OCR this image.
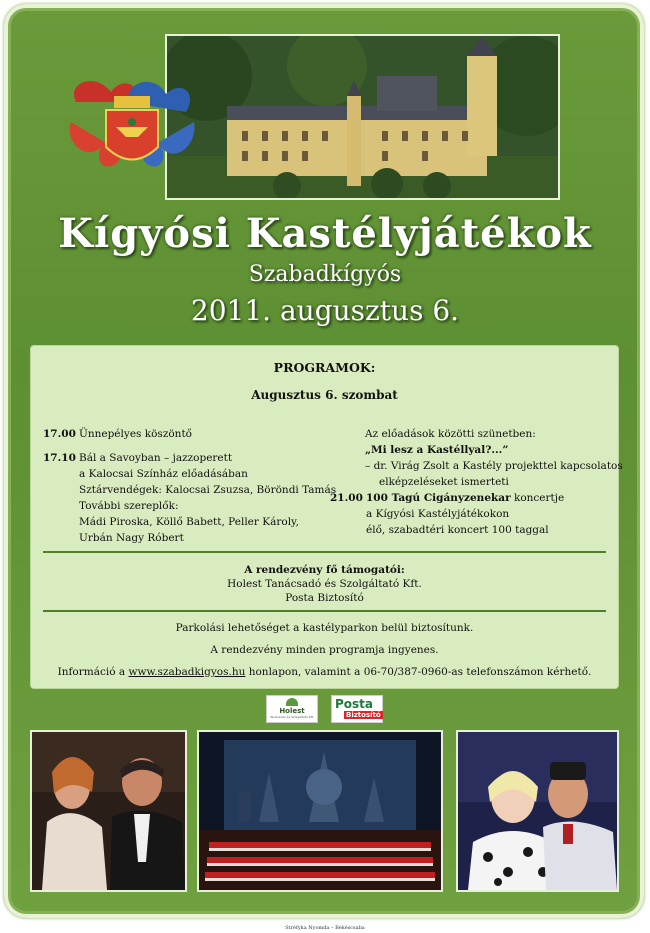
Kígyósi Kastélyjátékok
Szabadkígyós
2011. augusztus 6.
PROGRAMOK:
Augusztus 6. szombat
17.00 Ünnepélyes köszöntő
17.10 Bál a Savoyban – jazzoperett
a Kalocsai Színház előadásában
Sztárvendégek: Kalocsai Zsuzsa, Böröndi Tamás
További szereplők:
Mádi Piroska, Köllő Babett, Peller Károly,
Urbán Nagy Róbert
Az előadások közötti szünetben:
„Mi lesz a Kastéllyal?...”
– dr. Virág Zsolt a Kastély projekttel kapcsolatos
elképzeléseket ismerteti
21.00 100 Tagú Cigányzenekar koncertje
a Kígyósi Kastélyjátékokon
élő, szabadtéri koncert 100 taggal
A rendezvény fő támogatói:
Holest Tanácsadó és Szolgáltató Kft.
Posta Biztosító
Parkolási lehetőséget a kastélyparkon belül biztosítunk.
A rendezvény minden programja ingyenes.
Információ a www.szabadkigyos.hu honlapon, valamint a 06-70/387-0960-as telefonszámon kérhető.
Holest
Tanácsadó és Szolgáltató Kft.
Posta
Biztosító
Stréfyka Nyomda – Békéscsaba
